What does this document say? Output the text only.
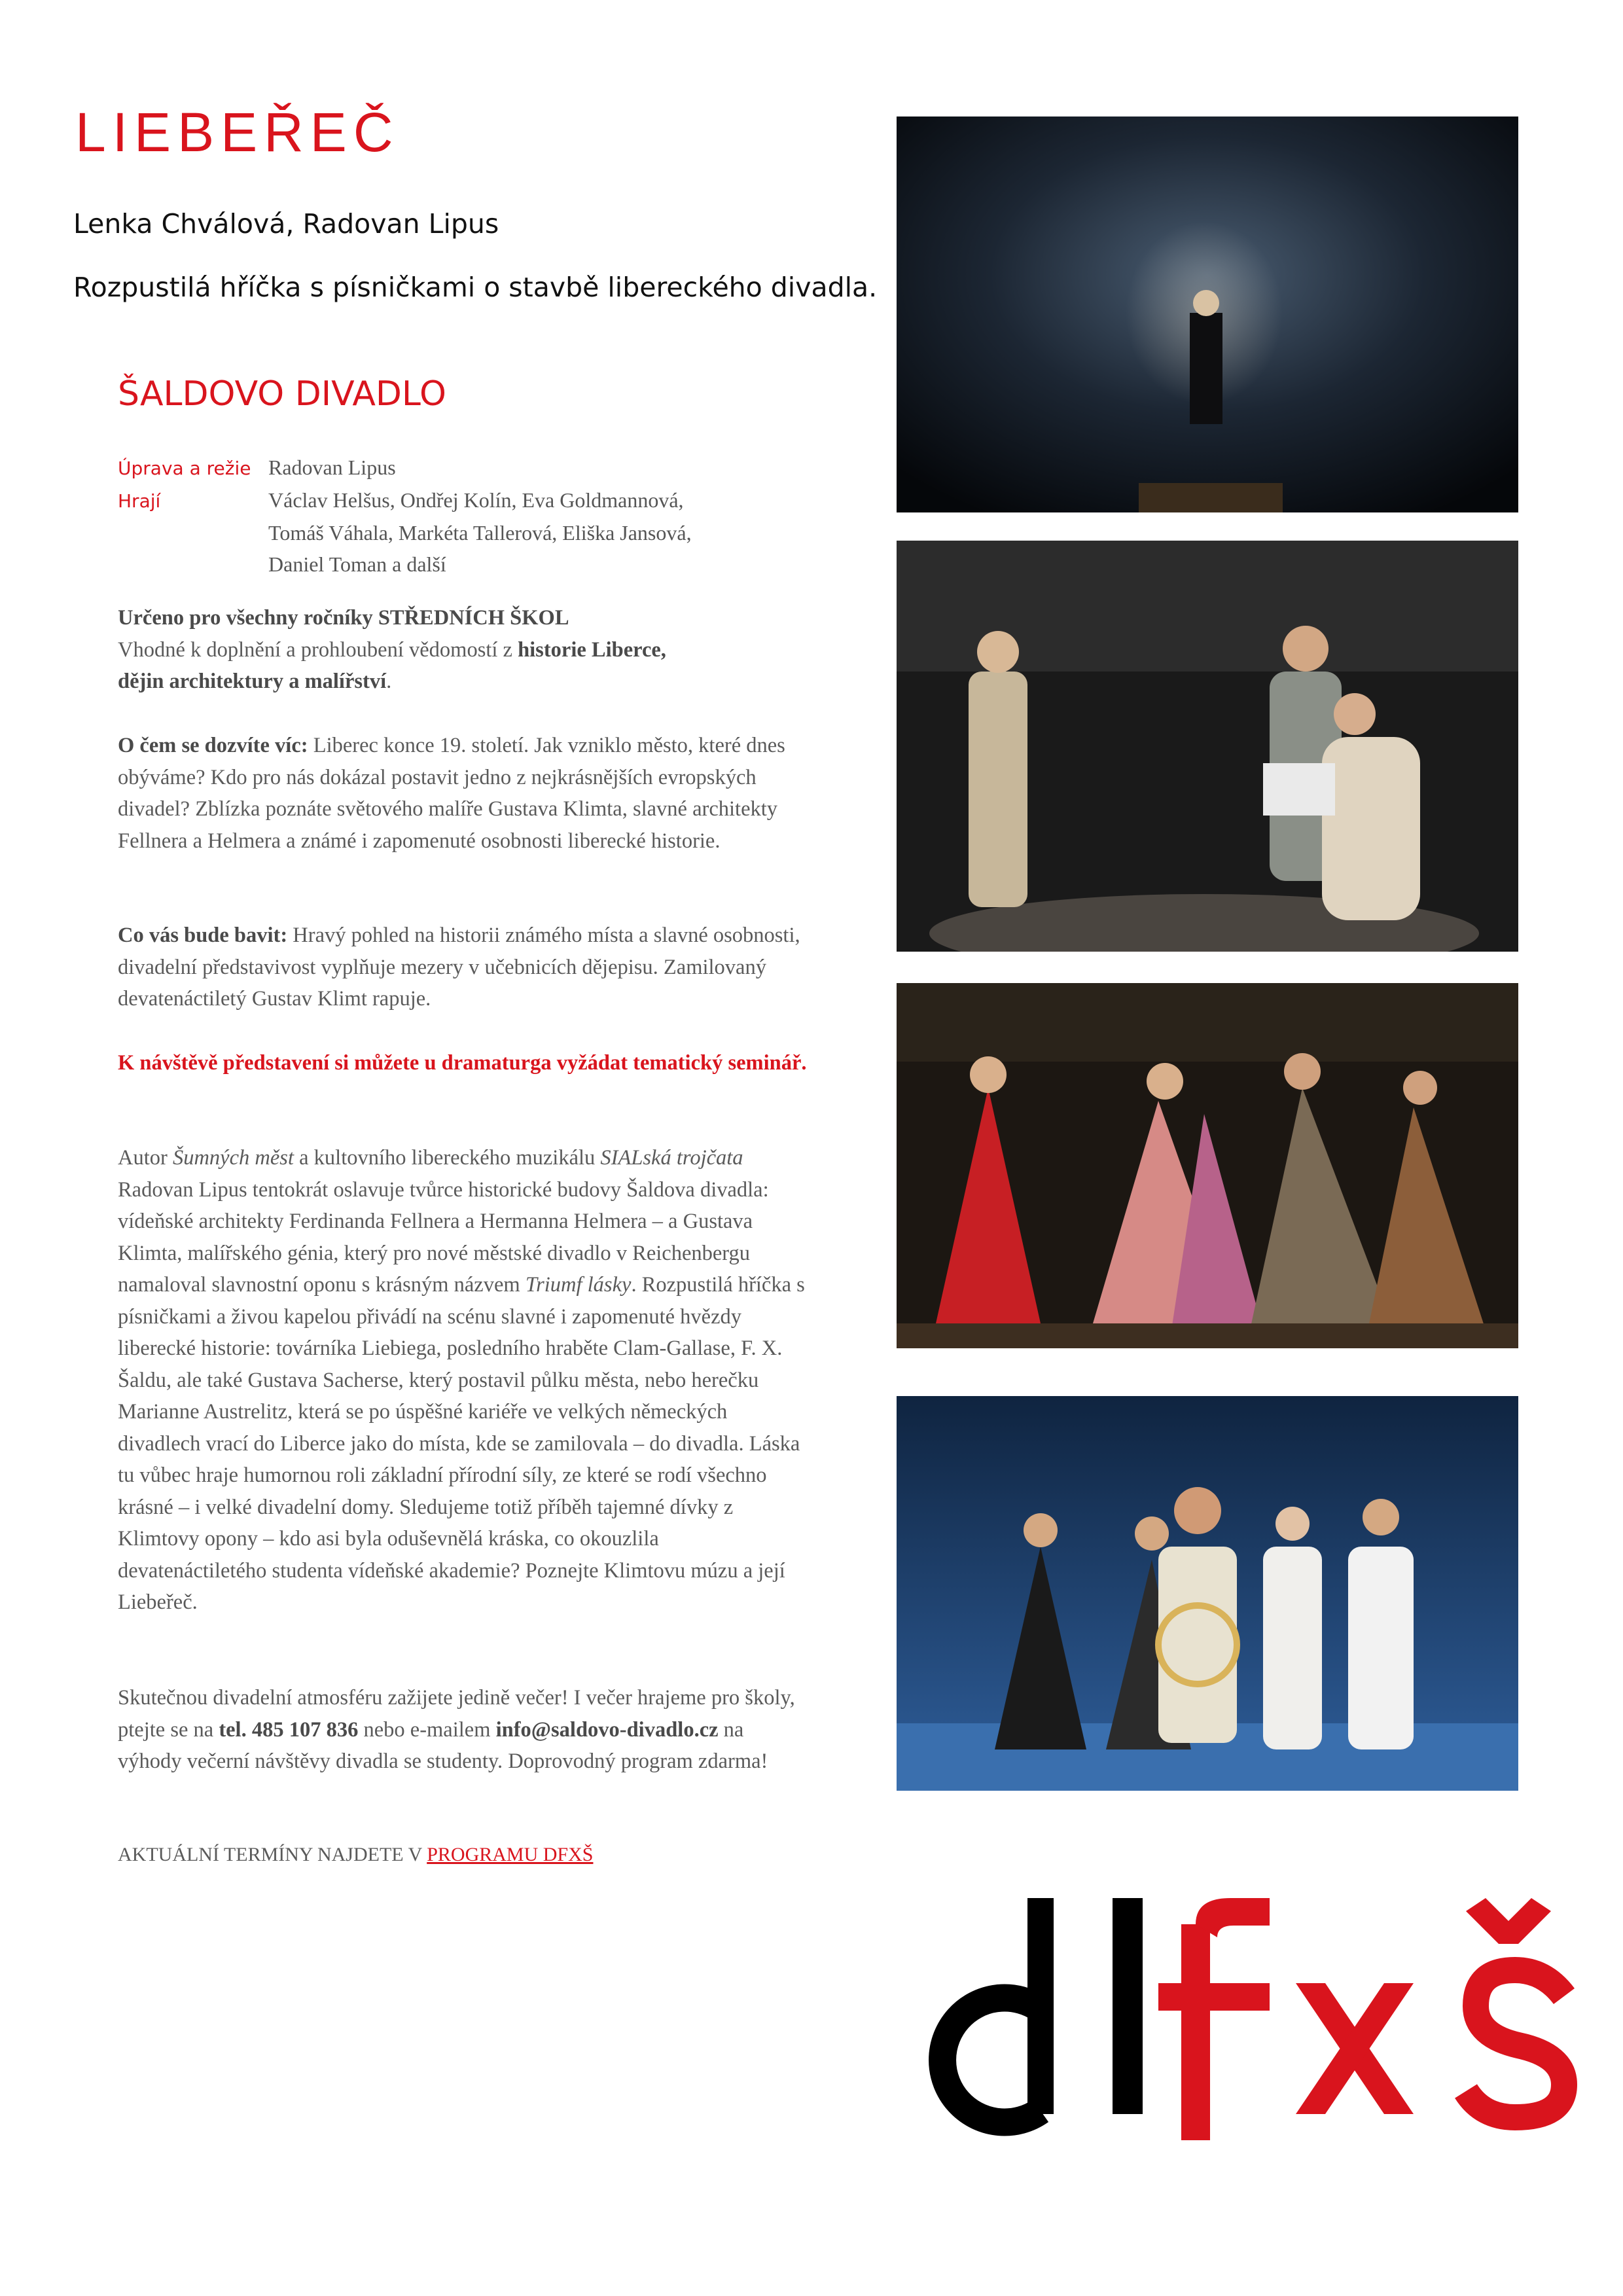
LIEBEŘEČ
Lenka Chválová, Radovan Lipus
Rozpustilá hříčka s písničkami o stavbě libereckého divadla.
ŠALDOVO DIVADLO
Úprava a režie Radovan Lipus
Hrají	Václav Helšus, Ondřej Kolín, Eva Goldmannová,
Tomáš Váhala, Markéta Tallerová, Eliška Jansová,
Daniel Toman a další

Určeno pro všechny ročníky STŘEDNÍCH ŠKOL
Vhodné k doplnění a prohloubení vědomostí z historie Liberce,
dějin architektury a malířství.

O čem se dozvíte víc: Liberec konce 19. století. Jak vzniklo město, které dnes obýváme? Kdo pro nás dokázal postavit jedno z nejkrásnějších evropských divadel? Zblízka poznáte světového malíře Gustava Klimta, slavné architekty Fellnera a Helmera a známé i zapomenuté osobnosti liberecké historie.

Co vás bude bavit: Hravý pohled na historii známého místa a slavné osobnosti, divadelní představivost vyplňuje mezery v učebnicích dějepisu. Zamilovaný devatenáctiletý Gustav Klimt rapuje.

K návštěvě představení si můžete u dramaturga vyžádat tematický seminář.

Autor Šumných měst a kultovního libereckého muzikálu SIALská trojčata Radovan Lipus tentokrát oslavuje tvůrce historické budovy Šaldova divadla: vídeňské architekty Ferdinanda Fellnera a Hermanna Helmera – a Gustava Klimta, malířského génia, který pro nové městské divadlo v Reichenbergu namaloval slavnostní oponu s krásným názvem Triumf lásky. Rozpustilá hříčka s písničkami a živou kapelou přivádí na scénu slavné i zapomenuté hvězdy liberecké historie: továrníka Liebiega, posledního hraběte Clam-Gallase, F. X. Šaldu, ale také Gustava Sacherse, který postavil půlku města, nebo herečku Marianne Austrelitz, která se po úspěšné kariéře ve velkých německých divadlech vrací do Liberce jako do místa, kde se zamilovala – do divadla. Láska tu vůbec hraje humornou roli základní přírodní síly, ze které se rodí všechno krásné – i velké divadelní domy. Sledujeme totiž příběh tajemné dívky z Klimtovy opony – kdo asi byla oduševnělá kráska, co okouzlila devatenáctiletého studenta vídeňské akademie? Poznejte Klimtovu múzu a její Liebeřeč.

Skutečnou divadelní atmosféru zažijete jedině večer! I večer hrajeme pro školy, ptejte se na tel. 485 107 836 nebo e-mailem info@saldovo-divadlo.cz na výhody večerní návštěvy divadla se studenty. Doprovodný program zdarma!

AKTUÁLNÍ TERMÍNY NAJDETE V PROGRAMU DFXŠ
